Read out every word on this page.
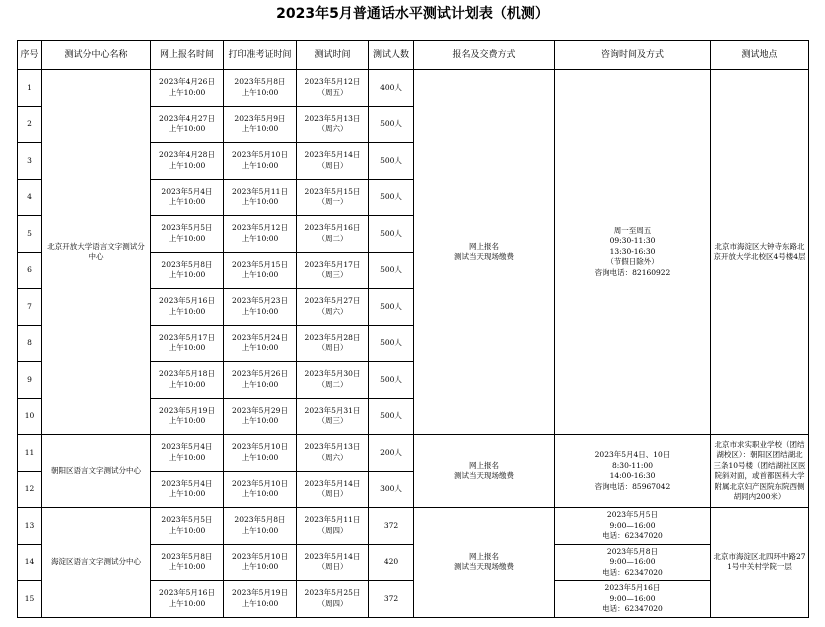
2023年5月普通话水平测试计划表（机测）
序号	测试分中心名称	网上报名时间	打印准考证时间	测试时间	测试人数	报名及交费方式	咨询时间及方式	测试地点
1	北京开放大学语言文字测试分中心	2023年4月26日
上午10:00	2023年5月8日
上午10:00	2023年5月12日
（周五）	400人	网上报名
测试当天现场缴费	周一至周五
09:30-11:30
13:30-16:30
（节假日除外）
咨询电话：82160922	北京市海淀区大钟寺东路北京开放大学北校区4号楼4层
2		2023年4月27日
上午10:00	2023年5月9日
上午10:00	2023年5月13日
（周六）	500人			
3		2023年4月28日
上午10:00	2023年5月10日
上午10:00	2023年5月14日
（周日）	500人			
4		2023年5月4日
上午10:00	2023年5月11日
上午10:00	2023年5月15日
（周一）	500人			
5		2023年5月5日
上午10:00	2023年5月12日
上午10:00	2023年5月16日
（周二）	500人			
6		2023年5月8日
上午10:00	2023年5月15日
上午10:00	2023年5月17日
（周三）	500人			
7		2023年5月16日
上午10:00	2023年5月23日
上午10:00	2023年5月27日
（周六）	500人			
8		2023年5月17日
上午10:00	2023年5月24日
上午10:00	2023年5月28日
（周日）	500人			
9		2023年5月18日
上午10:00	2023年5月26日
上午10:00	2023年5月30日
（周二）	500人			
10		2023年5月19日
上午10:00	2023年5月29日
上午10:00	2023年5月31日
（周三）	500人			
11	朝阳区语言文字测试分中心	2023年5月4日
上午10:00	2023年5月10日
上午10:00	2023年5月13日
（周六）	200人	网上报名
测试当天现场缴费	2023年5月4日、10日
8:30-11:00
14:00-16:30
咨询电话：85967042	北京市求实职业学校（团结湖校区）：朝阳区团结湖北三条10号楼（团结湖社区医院斜对面，或首都医科大学附属北京妇产医院东院西侧胡同内200米）
12		2023年5月4日
上午10:00	2023年5月10日
上午10:00	2023年5月14日
（周日）	300人			
13	海淀区语言文字测试分中心	2023年5月5日
上午10:00	2023年5月8日
上午10:00	2023年5月11日
（周四）	372	网上报名
测试当天现场缴费	2023年5月5日
9:00—16:00
电话：62347020	北京市海淀区北四环中路271号中关村学院一层
14		2023年5月8日
上午10:00	2023年5月10日
上午10:00	2023年5月14日
（周日）	420		2023年5月8日
9:00—16:00
电话：62347020	
15		2023年5月16日
上午10:00	2023年5月19日
上午10:00	2023年5月25日
（周四）	372		2023年5月16日
9:00—16:00
电话：62347020	
